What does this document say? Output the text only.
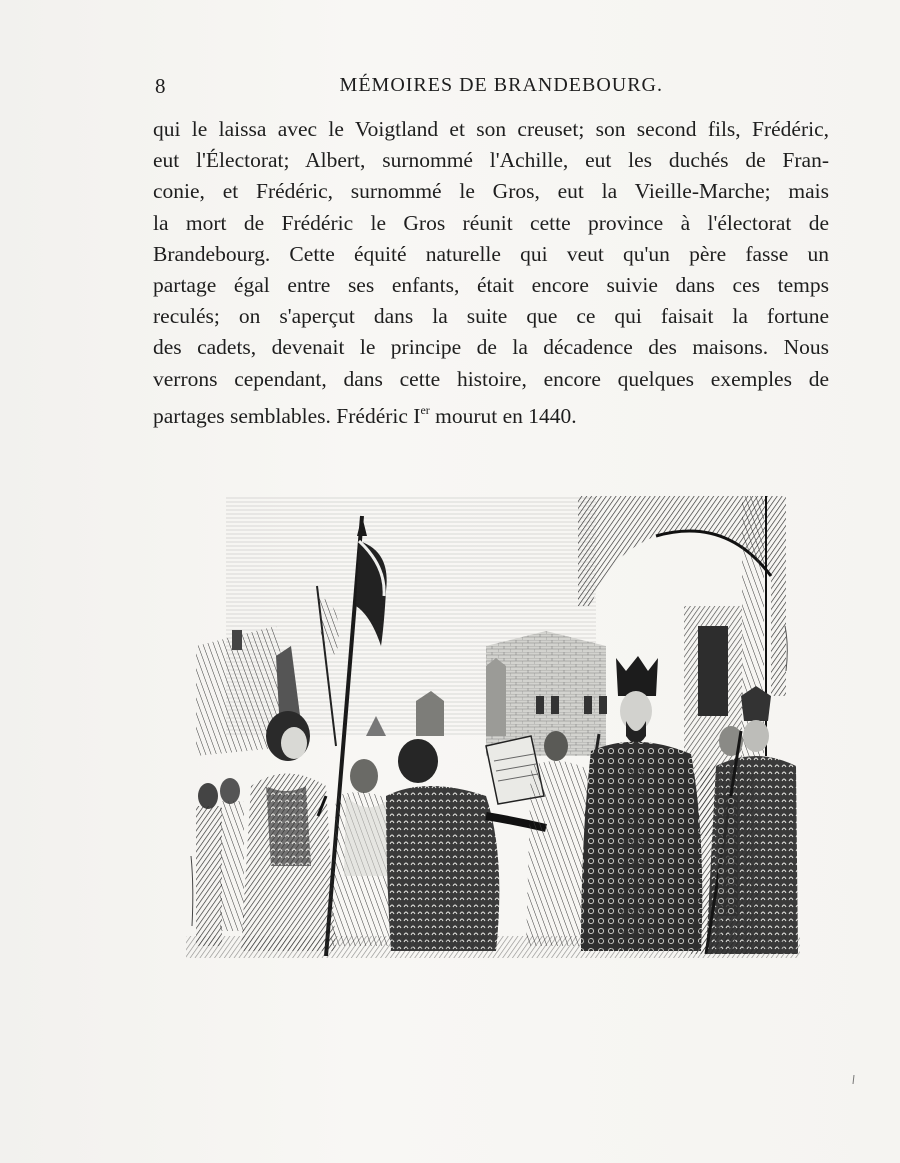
8	MÉMOIRES DE BRANDEBOURG.
qui le laissa avec le Voigtland et son creuset; son second fils, Frédéric,
eut l'Électorat; Albert, surnommé l'Achille, eut les duchés de Fran-
conie, et Frédéric, surnommé le Gros, eut la Vieille-Marche; mais
la mort de Frédéric le Gros réunit cette province à l'électorat de
Brandebourg. Cette équité naturelle qui veut qu'un père fasse un
partage égal entre ses enfants, était encore suivie dans ces temps
reculés; on s'aperçut dans la suite que ce qui faisait la fortune
des cadets, devenait le principe de la décadence des maisons. Nous
verrons cependant, dans cette histoire, encore quelques exemples de
partages semblables. Frédéric Ier mourut en 1440.
